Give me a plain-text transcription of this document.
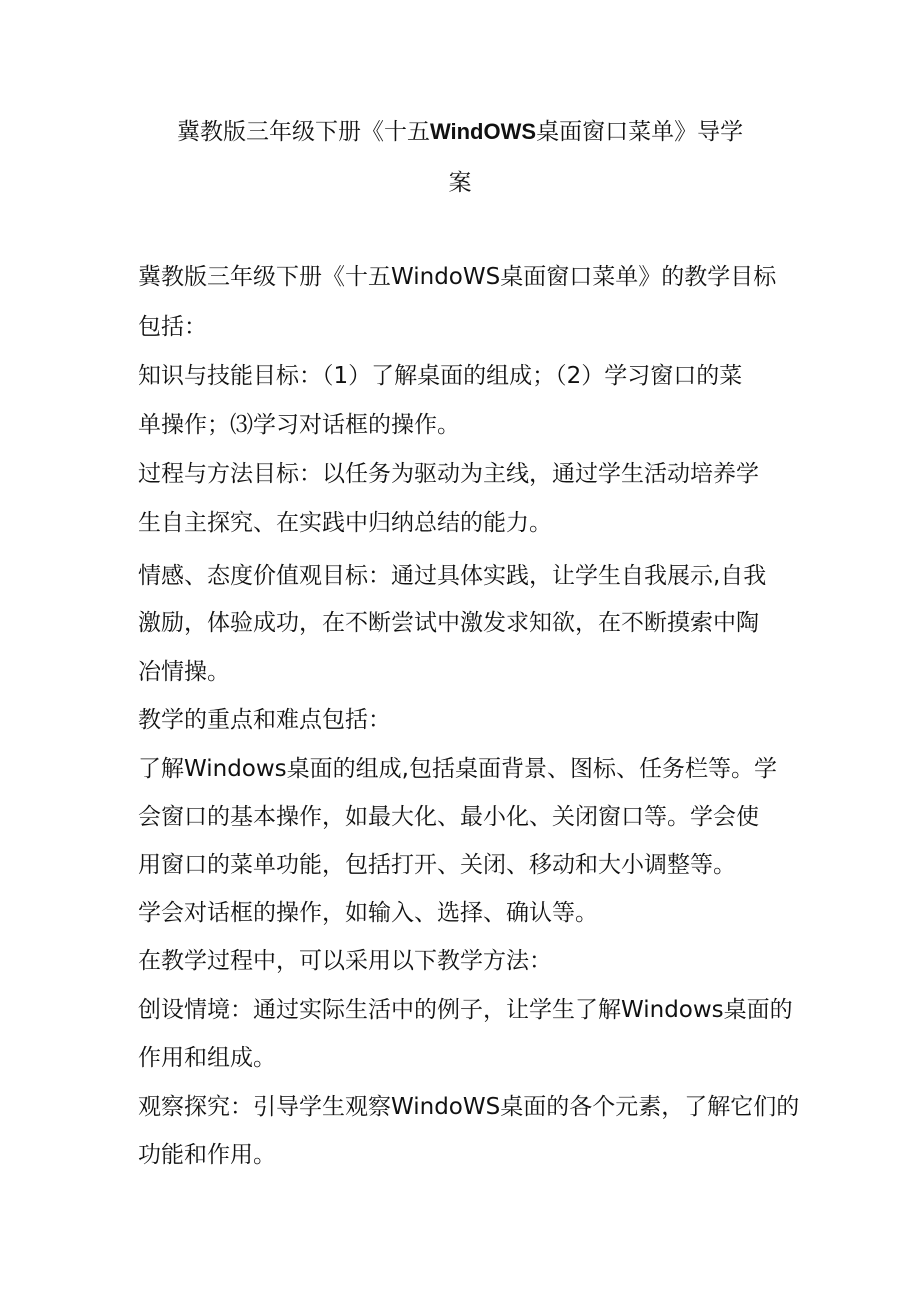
冀教版三年级下册《十五WindOWS桌面窗口菜单》导学
案
冀教版三年级下册《十五WindoWS桌面窗口菜单》的教学目标
包括：
知识与技能目标：（1）了解桌面的组成；（2）学习窗口的菜
单操作；⑶学习对话框的操作。
过程与方法目标：以任务为驱动为主线，通过学生活动培养学
生自主探究、在实践中归纳总结的能力。
情感、态度价值观目标：通过具体实践，让学生自我展示,自我
激励，体验成功，在不断尝试中激发求知欲，在不断摸索中陶
冶情操。
教学的重点和难点包括：
了解Windows桌面的组成,包括桌面背景、图标、任务栏等。学
会窗口的基本操作，如最大化、最小化、关闭窗口等。学会使
用窗口的菜单功能，包括打开、关闭、移动和大小调整等。
学会对话框的操作，如输入、选择、确认等。
在教学过程中，可以采用以下教学方法：
创设情境：通过实际生活中的例子，让学生了解Windows桌面的
作用和组成。
观察探究：引导学生观察WindoWS桌面的各个元素，了解它们的
功能和作用。
